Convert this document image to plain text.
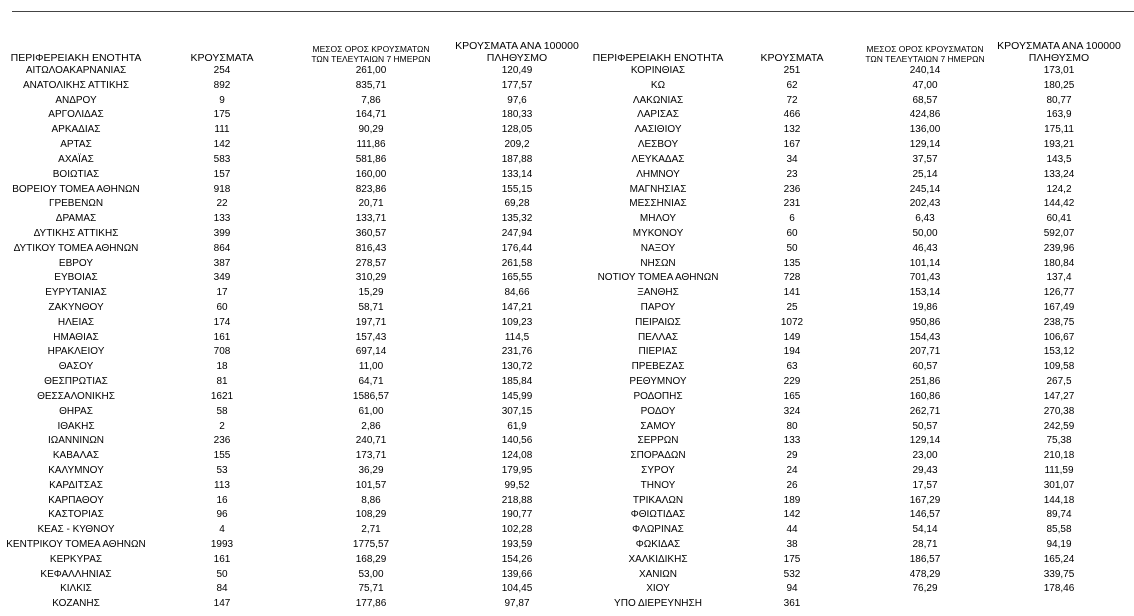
ΠΕΡΙΦΕΡΕΙΑΚΗ ΕΝΟΤΗΤΑ	ΚΡΟΥΣΜΑΤΑ	ΜΕΣΟΣ ΟΡΟΣ ΚΡΟΥΣΜΑΤΩΝ
ΤΩΝ ΤΕΛΕΥΤΑΙΩΝ 7 ΗΜΕΡΩΝ	ΚΡΟΥΣΜΑΤΑ ΑΝΑ 100000
ΠΛΗΘΥΣΜΟ	ΠΕΡΙΦΕΡΕΙΑΚΗ ΕΝΟΤΗΤΑ	ΚΡΟΥΣΜΑΤΑ	ΜΕΣΟΣ ΟΡΟΣ ΚΡΟΥΣΜΑΤΩΝ
ΤΩΝ ΤΕΛΕΥΤΑΙΩΝ 7 ΗΜΕΡΩΝ	ΚΡΟΥΣΜΑΤΑ ΑΝΑ 100000
ΠΛΗΘΥΣΜΟ

ΑΙΤΩΛΟΑΚΑΡΝΑΝΙΑΣ	254	261,00	120,49	ΚΟΡΙΝΘΙΑΣ	251	240,14	173,01
ΑΝΑΤΟΛΙΚΗΣ ΑΤΤΙΚΗΣ	892	835,71	177,57	ΚΩ	62	47,00	180,25
ΑΝΔΡΟΥ	9	7,86	97,6	ΛΑΚΩΝΙΑΣ	72	68,57	80,77
ΑΡΓΟΛΙΔΑΣ	175	164,71	180,33	ΛΑΡΙΣΑΣ	466	424,86	163,9
ΑΡΚΑΔΙΑΣ	111	90,29	128,05	ΛΑΣΙΘΙΟΥ	132	136,00	175,11
ΑΡΤΑΣ	142	111,86	209,2	ΛΕΣΒΟΥ	167	129,14	193,21
ΑΧΑΪΑΣ	583	581,86	187,88	ΛΕΥΚΑΔΑΣ	34	37,57	143,5
ΒΟΙΩΤΙΑΣ	157	160,00	133,14	ΛΗΜΝΟΥ	23	25,14	133,24
ΒΟΡΕΙΟΥ ΤΟΜΕΑ ΑΘΗΝΩΝ	918	823,86	155,15	ΜΑΓΝΗΣΙΑΣ	236	245,14	124,2
ΓΡΕΒΕΝΩΝ	22	20,71	69,28	ΜΕΣΣΗΝΙΑΣ	231	202,43	144,42
ΔΡΑΜΑΣ	133	133,71	135,32	ΜΗΛΟΥ	6	6,43	60,41
ΔΥΤΙΚΗΣ ΑΤΤΙΚΗΣ	399	360,57	247,94	ΜΥΚΟΝΟΥ	60	50,00	592,07
ΔΥΤΙΚΟΥ ΤΟΜΕΑ ΑΘΗΝΩΝ	864	816,43	176,44	ΝΑΞΟΥ	50	46,43	239,96
ΕΒΡΟΥ	387	278,57	261,58	ΝΗΣΩΝ	135	101,14	180,84
ΕΥΒΟΙΑΣ	349	310,29	165,55	ΝΟΤΙΟΥ ΤΟΜΕΑ ΑΘΗΝΩΝ	728	701,43	137,4
ΕΥΡΥΤΑΝΙΑΣ	17	15,29	84,66	ΞΑΝΘΗΣ	141	153,14	126,77
ΖΑΚΥΝΘΟΥ	60	58,71	147,21	ΠΑΡΟΥ	25	19,86	167,49
ΗΛΕΙΑΣ	174	197,71	109,23	ΠΕΙΡΑΙΩΣ	1072	950,86	238,75
ΗΜΑΘΙΑΣ	161	157,43	114,5	ΠΕΛΛΑΣ	149	154,43	106,67
ΗΡΑΚΛΕΙΟΥ	708	697,14	231,76	ΠΙΕΡΙΑΣ	194	207,71	153,12
ΘΑΣΟΥ	18	11,00	130,72	ΠΡΕΒΕΖΑΣ	63	60,57	109,58
ΘΕΣΠΡΩΤΙΑΣ	81	64,71	185,84	ΡΕΘΥΜΝΟΥ	229	251,86	267,5
ΘΕΣΣΑΛΟΝΙΚΗΣ	1621	1586,57	145,99	ΡΟΔΟΠΗΣ	165	160,86	147,27
ΘΗΡΑΣ	58	61,00	307,15	ΡΟΔΟΥ	324	262,71	270,38
ΙΘΑΚΗΣ	2	2,86	61,9	ΣΑΜΟΥ	80	50,57	242,59
ΙΩΑΝΝΙΝΩΝ	236	240,71	140,56	ΣΕΡΡΩΝ	133	129,14	75,38
ΚΑΒΑΛΑΣ	155	173,71	124,08	ΣΠΟΡΑΔΩΝ	29	23,00	210,18
ΚΑΛΥΜΝΟΥ	53	36,29	179,95	ΣΥΡΟΥ	24	29,43	111,59
ΚΑΡΔΙΤΣΑΣ	113	101,57	99,52	ΤΗΝΟΥ	26	17,57	301,07
ΚΑΡΠΑΘΟΥ	16	8,86	218,88	ΤΡΙΚΑΛΩΝ	189	167,29	144,18
ΚΑΣΤΟΡΙΑΣ	96	108,29	190,77	ΦΘΙΩΤΙΔΑΣ	142	146,57	89,74
ΚΕΑΣ - ΚΥΘΝΟΥ	4	2,71	102,28	ΦΛΩΡΙΝΑΣ	44	54,14	85,58
ΚΕΝΤΡΙΚΟΥ ΤΟΜΕΑ ΑΘΗΝΩΝ	1993	1775,57	193,59	ΦΩΚΙΔΑΣ	38	28,71	94,19
ΚΕΡΚΥΡΑΣ	161	168,29	154,26	ΧΑΛΚΙΔΙΚΗΣ	175	186,57	165,24
ΚΕΦΑΛΛΗΝΙΑΣ	50	53,00	139,66	ΧΑΝΙΩΝ	532	478,29	339,75
ΚΙΛΚΙΣ	84	75,71	104,45	ΧΙΟΥ	94	76,29	178,46
ΚΟΖΑΝΗΣ	147	177,86	97,87	ΥΠΟ ΔΙΕΡΕΥΝΗΣΗ	361		
